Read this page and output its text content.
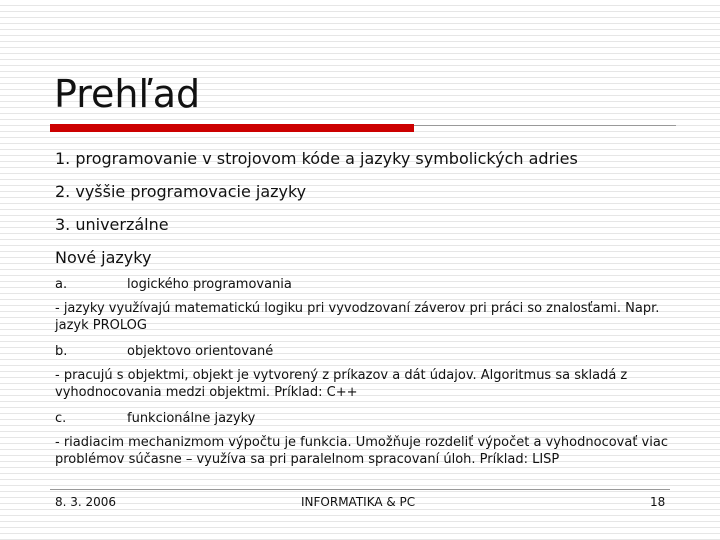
Prehľad

1. programovanie v strojovom kóde a jazyky symbolických adries

2. vyššie programovacie jazyky

3. univerzálne

Nové jazyky

a.	logického programovania

- jazyky využívajú matematickú logiku pri vyvodzovaní záverov pri práci so znalosťami. Napr. jazyk PROLOG

b.	objektovo orientované

- pracujú s objektmi, objekt je vytvorený z príkazov a dát údajov. Algoritmus sa skladá z vyhodnocovania medzi objektmi. Príklad: C++

c.	funkcionálne jazyky

- riadiacim mechanizmom výpočtu je funkcia. Umožňuje rozdeliť výpočet a vyhodnocovať viac problémov súčasne – využíva sa pri paralelnom spracovaní úloh. Príklad: LISP

8. 3. 2006	INFORMATIKA & PC	18
